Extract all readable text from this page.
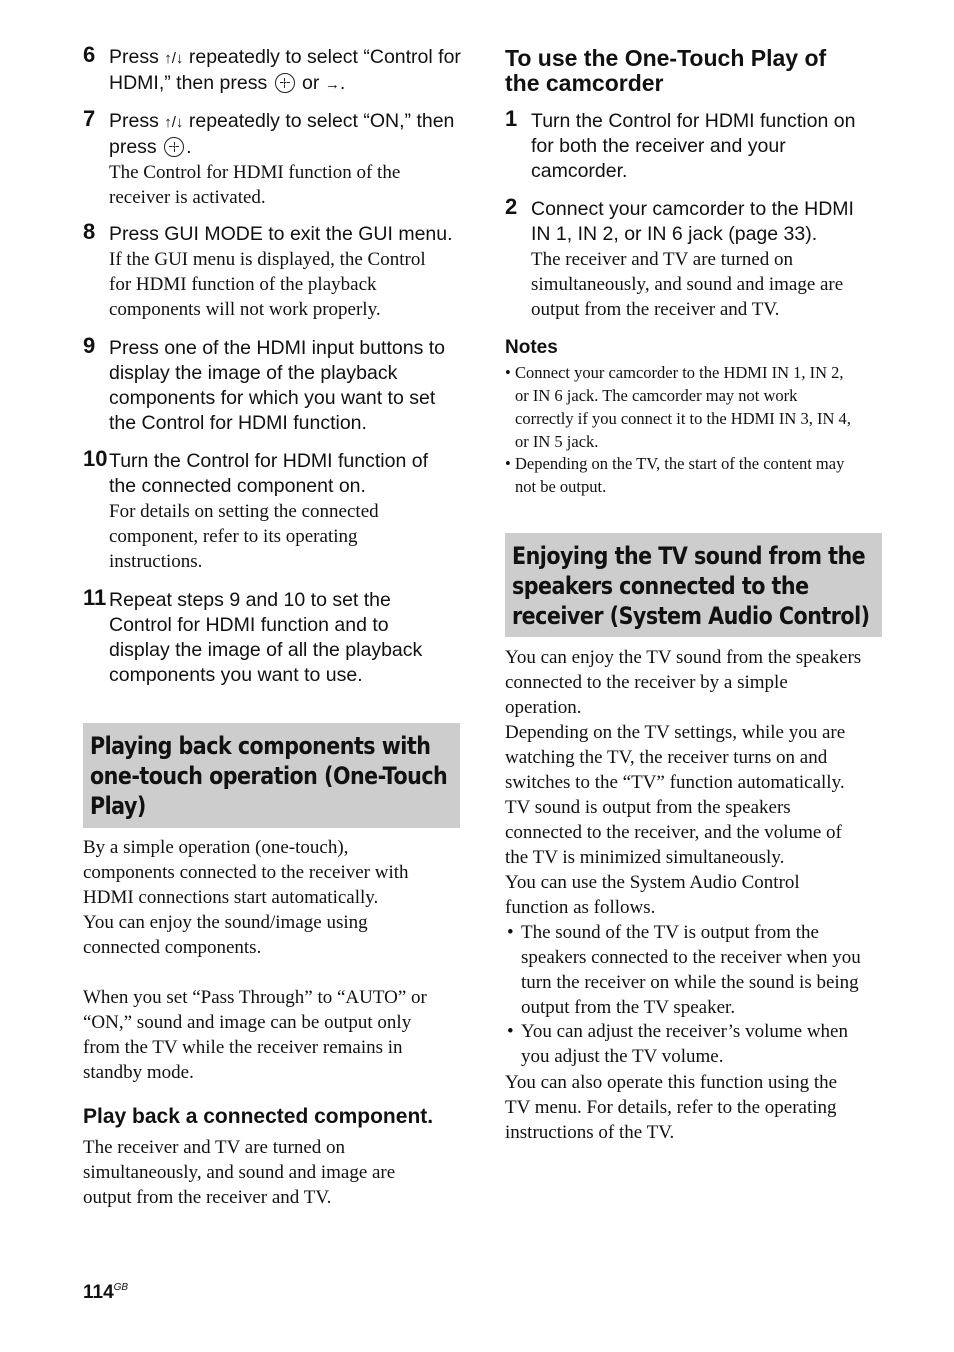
6 Press ↑/↓ repeatedly to select “Control for HDMI,” then press  or →.
7 Press ↑/↓ repeatedly to select “ON,” then press .
The Control for HDMI function of the
receiver is activated.
8 Press GUI MODE to exit the GUI menu.
If the GUI menu is displayed, the Control
for HDMI function of the playback
components will not work properly.
9 Press one of the HDMI input buttons to
display the image of the playback
components for which you want to set
the Control for HDMI function.
10 Turn the Control for HDMI function of
the connected component on.
For details on setting the connected
component, refer to its operating
instructions.
11 Repeat steps 9 and 10 to set the
Control for HDMI function and to
display the image of all the playback
components you want to use.
Playing back components with
one-touch operation (One-Touch
Play)
By a simple operation (one-touch),
components connected to the receiver with
HDMI connections start automatically.
You can enjoy the sound/image using
connected components.
When you set “Pass Through” to “AUTO” or
“ON,” sound and image can be output only
from the TV while the receiver remains in
standby mode.
Play back a connected component.
The receiver and TV are turned on
simultaneously, and sound and image are
output from the receiver and TV.
To use the One-Touch Play of
the camcorder
1 Turn the Control for HDMI function on
for both the receiver and your
camcorder.
2 Connect your camcorder to the HDMI
IN 1, IN 2, or IN 6 jack (page 33).
The receiver and TV are turned on
simultaneously, and sound and image are
output from the receiver and TV.
Notes
• Connect your camcorder to the HDMI IN 1, IN 2,
or IN 6 jack. The camcorder may not work
correctly if you connect it to the HDMI IN 3, IN 4,
or IN 5 jack.
• Depending on the TV, the start of the content may
not be output.
Enjoying the TV sound from the
speakers connected to the
receiver (System Audio Control)
You can enjoy the TV sound from the speakers
connected to the receiver by a simple
operation.
Depending on the TV settings, while you are
watching the TV, the receiver turns on and
switches to the “TV” function automatically.
TV sound is output from the speakers
connected to the receiver, and the volume of
the TV is minimized simultaneously.
You can use the System Audio Control
function as follows.
• The sound of the TV is output from the
speakers connected to the receiver when you
turn the receiver on while the sound is being
output from the TV speaker.
• You can adjust the receiver’s volume when
you adjust the TV volume.
You can also operate this function using the
TV menu. For details, refer to the operating
instructions of the TV.
$114^{GB}$
